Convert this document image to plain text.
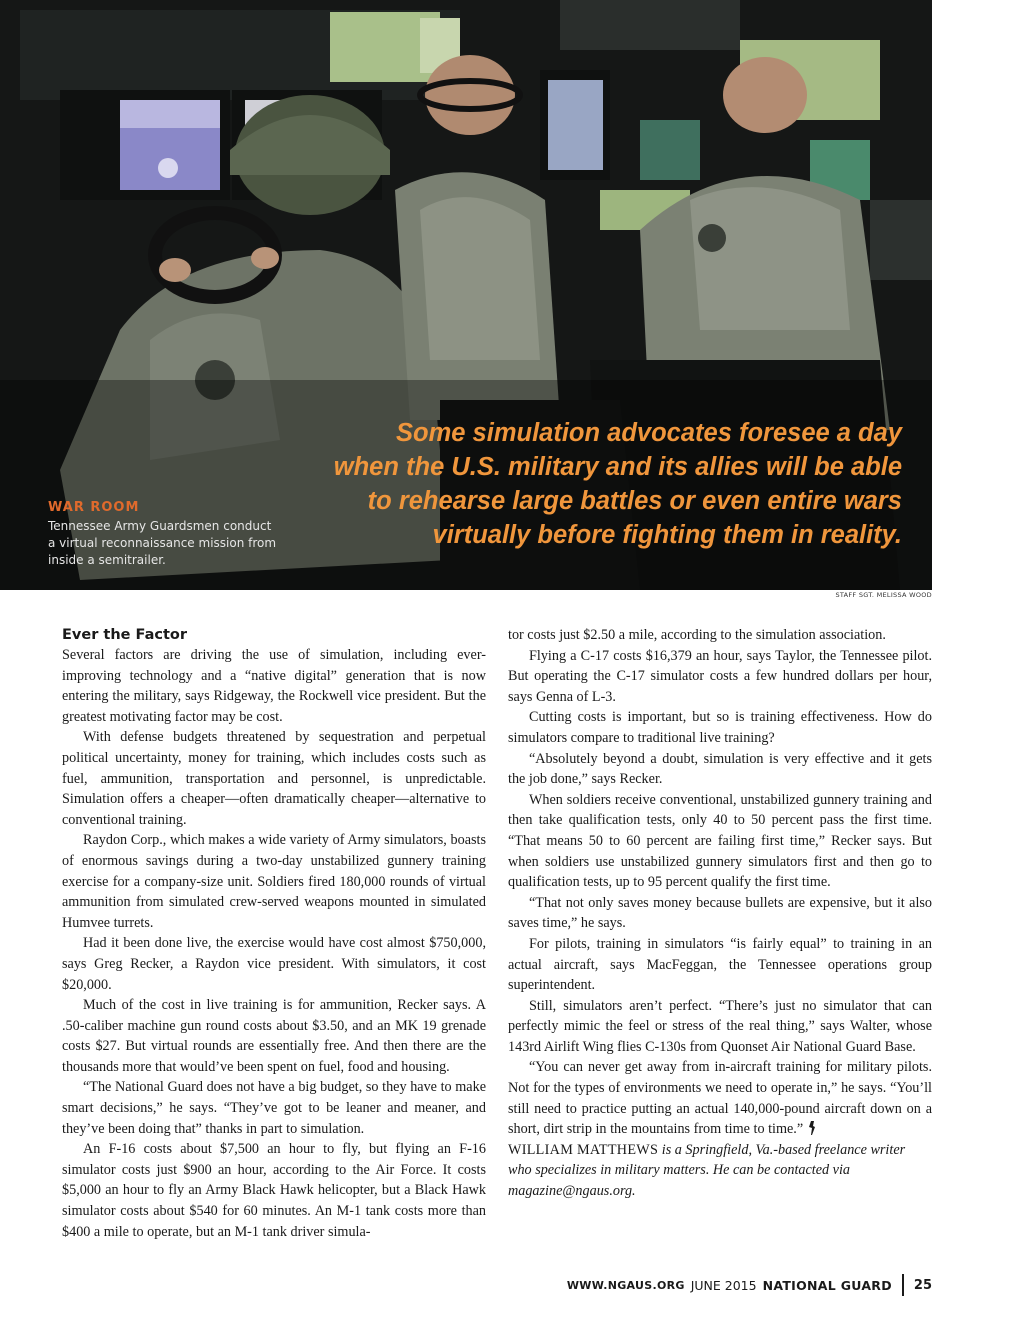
Some simulation advocates foresee a day
when the U.S. military and its allies will be able
to rehearse large battles or even entire wars
virtually before fighting them in reality.
WAR ROOM
Tennessee Army Guardsmen conduct a virtual reconnaissance mission from inside a semitrailer.
STAFF SGT. MELISSA WOOD
Ever the Factor

Several factors are driving the use of simulation, including ever-improving technology and a “native digital” generation that is now entering the military, says Ridgeway, the Rockwell vice president. But the greatest motivating factor may be cost.

With defense budgets threatened by sequestration and perpetual political uncertainty, money for training, which includes costs such as fuel, ammunition, transportation and personnel, is unpredictable. Simulation offers a cheaper—often dramatically cheaper—alternative to conventional training.

Raydon Corp., which makes a wide variety of Army simulators, boasts of enormous savings during a two-day unstabilized gunnery training exercise for a company-size unit. Soldiers fired 180,000 rounds of virtual ammunition from simulated crew-served weapons mounted in simulated Humvee turrets.

Had it been done live, the exercise would have cost almost $750,000, says Greg Recker, a Raydon vice president. With simulators, it cost $20,000.

Much of the cost in live training is for ammunition, Recker says. A .50-caliber machine gun round costs about $3.50, and an MK 19 grenade costs $27. But virtual rounds are essentially free. And then there are the thousands more that would’ve been spent on fuel, food and housing.

“The National Guard does not have a big budget, so they have to make smart decisions,” he says. “They’ve got to be leaner and meaner, and they’ve been doing that” thanks in part to simulation.

An F-16 costs about $7,500 an hour to fly, but flying an F-16 simulator costs just $900 an hour, according to the Air Force. It costs $5,000 an hour to fly an Army Black Hawk helicopter, but a Black Hawk simulator costs about $540 for 60 minutes. An M-1 tank costs more than $400 a mile to operate, but an M-1 tank driver simula-

tor costs just $2.50 a mile, according to the simulation association.

Flying a C-17 costs $16,379 an hour, says Taylor, the Tennessee pilot. But operating the C-17 simulator costs a few hundred dollars per hour, says Genna of L-3.

Cutting costs is important, but so is training effectiveness. How do simulators compare to traditional live training?

“Absolutely beyond a doubt, simulation is very effective and it gets the job done,” says Recker.

When soldiers receive conventional, unstabilized gunnery training and then take qualification tests, only 40 to 50 percent pass the first time. “That means 50 to 60 percent are failing first time,” Recker says. But when soldiers use unstabilized gunnery simulators first and then go to qualification tests, up to 95 percent qualify the first time.

“That not only saves money because bullets are expensive, but it also saves time,” he says.

For pilots, training in simulators “is fairly equal” to training in an actual aircraft, says MacFeggan, the Tennessee operations group superintendent.

Still, simulators aren’t perfect. “There’s just no simulator that can perfectly mimic the feel or stress of the real thing,” says Walter, whose 143rd Airlift Wing flies C-130s from Quonset Air National Guard Base.

“You can never get away from in-aircraft training for military pilots. Not for the types of environments we need to operate in,” he says. “You’ll still need to practice putting an actual 140,000-pound aircraft down on a short, dirt strip in the mountains from time to time.”

WILLIAM MATTHEWS is a Springfield, Va.-based freelance writer who specializes in military matters. He can be contacted via magazine@ngaus.org.

WWW.NGAUS.ORG JUNE 2015 NATIONAL GUARD 25
